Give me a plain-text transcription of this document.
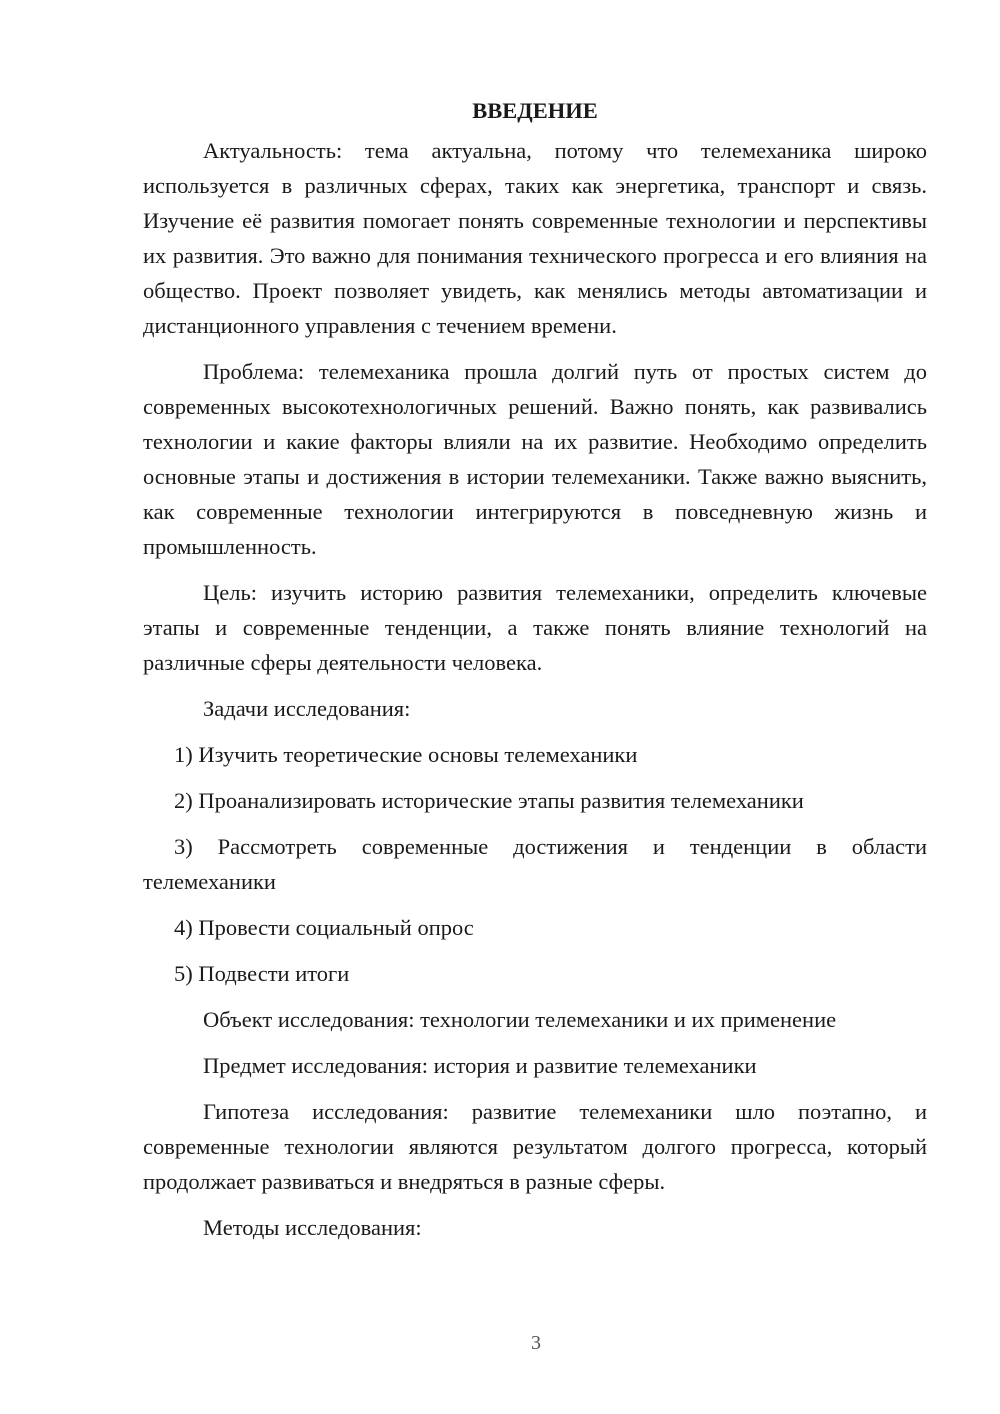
ВВЕДЕНИЕ

Актуальность: тема актуальна, потому что телемеханика широко используется в различных сферах, таких как энергетика, транспорт и связь. Изучение её развития помогает понять современные технологии и перспективы их развития. Это важно для понимания технического прогресса и его влияния на общество. Проект позволяет увидеть, как менялись методы автоматизации и дистанционного управления с течением времени.

Проблема: телемеханика прошла долгий путь от простых систем до современных высокотехнологичных решений. Важно понять, как развивались технологии и какие факторы влияли на их развитие. Необходимо определить основные этапы и достижения в истории телемеханики. Также важно выяснить, как современные технологии интегрируются в повседневную жизнь и промышленность.

Цель: изучить историю развития телемеханики, определить ключевые этапы и современные тенденции, а также понять влияние технологий на различные сферы деятельности человека.

Задачи исследования:

1) Изучить теоретические основы телемеханики

2) Проанализировать исторические этапы развития телемеханики

3) Рассмотреть современные достижения и тенденции в области телемеханики

4) Провести социальный опрос

5) Подвести итоги

Объект исследования: технологии телемеханики и их применение

Предмет исследования: история и развитие телемеханики

Гипотеза исследования: развитие телемеханики шло поэтапно, и современные технологии являются результатом долгого прогресса, который продолжает развиваться и внедряться в разные сферы.

Методы исследования:

3
